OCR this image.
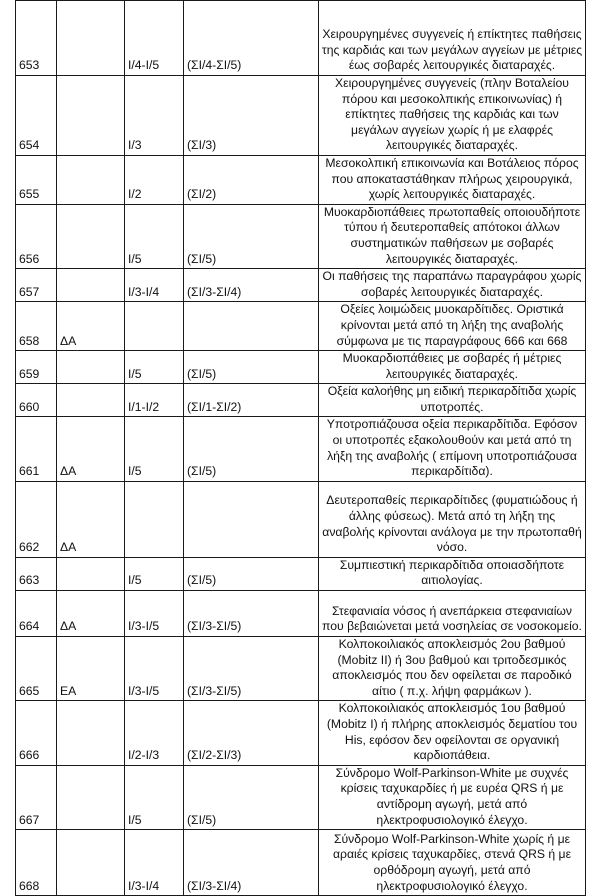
653		Ι/4-Ι/5	(ΣΙ/4-ΣΙ/5)	Χειρουργημένες συγγενείς ή επίκτητες παθήσεις της καρδιάς και των μεγάλων αγγείων με μέτριες έως σοβαρές λειτουργικές διαταραχές.
654		Ι/3	(ΣΙ/3)	Χειρουργημένες συγγενείς (πλην Βοταλείου πόρου και μεσοκολπικής επικοινωνίας) ή επίκτητες παθήσεις της καρδιάς και των μεγάλων αγγείων χωρίς ή με ελαφρές λειτουργικές διαταραχές.
655		Ι/2	(ΣΙ/2)	Μεσοκολπική επικοινωνία και Βοτάλειος πόρος που αποκαταστάθηκαν πλήρως χειρουργικά, χωρίς λειτουργικές διαταραχές.
656		Ι/5	(ΣΙ/5)	Μυοκαρδιοπάθειες πρωτοπαθείς οποιουδήποτε τύπου ή δευτεροπαθείς απότοκοι άλλων συστηματικών παθήσεων με σοβαρές λειτουργικές διαταραχές.
657		Ι/3-Ι/4	(ΣΙ/3-ΣΙ/4)	Οι παθήσεις της παραπάνω παραγράφου χωρίς σοβαρές λειτουργικές διαταραχές.
658	ΔΑ			Οξείες λοιμώδεις μυοκαρδίτιδες. Οριστικά κρίνονται μετά από τη λήξη της αναβολής σύμφωνα με τις παραγράφους 666 και 668
659		Ι/5	(ΣΙ/5)	Μυοκαρδιοπάθειες με σοβαρές ή μέτριες λειτουργικές διαταραχές.
660		Ι/1-Ι/2	(ΣΙ/1-ΣΙ/2)	Οξεία καλοήθης μη ειδική περικαρδίτιδα χωρίς υποτροπές.
661	ΔΑ	Ι/5	(ΣΙ/5)	Υποτροπιάζουσα οξεία περικαρδίτιδα. Εφόσον οι υποτροπές εξακολουθούν και μετά από τη λήξη της αναβολής ( επίμονη υποτροπιάζουσα περικαρδίτιδα).
662	ΔΑ			Δευτεροπαθείς περικαρδίτιδες (φυματιώδους ή άλλης φύσεως). Μετά από τη λήξη της αναβολής κρίνονται ανάλογα με την πρωτοπαθή νόσο.
663		Ι/5	(ΣΙ/5)	Συμπιεστική περικαρδίτιδα οποιασδήποτε αιτιολογίας.
664	ΔΑ	Ι/3-Ι/5	(ΣΙ/3-ΣΙ/5)	Στεφανιαία νόσος ή ανεπάρκεια στεφανιαίων που βεβαιώνεται μετά νοσηλείας σε νοσοκομείο.
665	ΕΑ	Ι/3-Ι/5	(ΣΙ/3-ΣΙ/5)	Κολποκοιλιακός αποκλεισμός 2ου βαθμού (Mobitz II) ή 3ου βαθμού και τριτοδεσμικός αποκλεισμός που δεν οφείλεται σε παροδικό αίτιο ( π.χ. λήψη φαρμάκων ).
666		Ι/2-Ι/3	(ΣΙ/2-ΣΙ/3)	Κολποκοιλιακός αποκλεισμός 1ου βαθμού (Mobitz I) ή πλήρης αποκλεισμός δεματίου του His, εφόσον δεν οφείλονται σε οργανική καρδιοπάθεια.
667		Ι/5	(ΣΙ/5)	Σύνδρομο Wolf-Parkinson-White με συχνές κρίσεις ταχυκαρδίες ή με ευρέα QRS ή με αντίδρομη αγωγή, μετά από ηλεκτροφυσιολογικό έλεγχο.
668		Ι/3-Ι/4	(ΣΙ/3-ΣΙ/4)	Σύνδρομο Wolf-Parkinson-White χωρίς ή με αραιές κρίσεις ταχυκαρδίες, στενά QRS ή με ορθόδρομη αγωγή, μετά από ηλεκτροφυσιολογικό έλεγχο.
